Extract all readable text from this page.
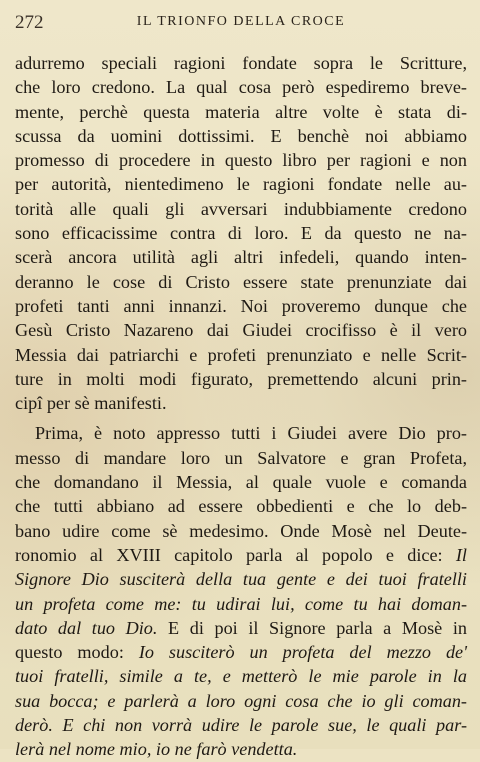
272	IL TRIONFO DELLA CROCE
adurremo speciali ragioni fondate sopra le Scritture,
che loro credono. La qual cosa però espediremo breve-
mente, perchè questa materia altre volte è stata di-
scussa da uomini dottissimi. E benchè noi abbiamo
promesso di procedere in questo libro per ragioni e non
per autorità, nientedimeno le ragioni fondate nelle au-
torità alle quali gli avversari indubbiamente credono
sono efficacissime contra di loro. E da questo ne na-
scerà ancora utilità agli altri infedeli, quando inten-
deranno le cose di Cristo essere state prenunziate dai
profeti tanti anni innanzi. Noi proveremo dunque che
Gesù Cristo Nazareno dai Giudei crocifisso è il vero
Messia dai patriarchi e profeti prenunziato e nelle Scrit-
ture in molti modi figurato, premettendo alcuni prin-
cipî per sè manifesti.
Prima, è noto appresso tutti i Giudei avere Dio pro-
messo di mandare loro un Salvatore e gran Profeta,
che domandano il Messia, al quale vuole e comanda
che tutti abbiano ad essere obbedienti e che lo deb-
bano udire come sè medesimo. Onde Mosè nel Deute-
ronomio al XVIII capitolo parla al popolo e dice: Il
Signore Dio susciterà della tua gente e dei tuoi fratelli
un profeta come me: tu udirai lui, come tu hai doman-
dato dal tuo Dio. E di poi il Signore parla a Mosè in
questo modo: Io susciterò un profeta del mezzo de'
tuoi fratelli, simile a te, e metterò le mie parole in la
sua bocca; e parlerà a loro ogni cosa che io gli coman-
derò. E chi non vorrà udire le parole sue, le quali par-
lerà nel nome mio, io ne farò vendetta.
